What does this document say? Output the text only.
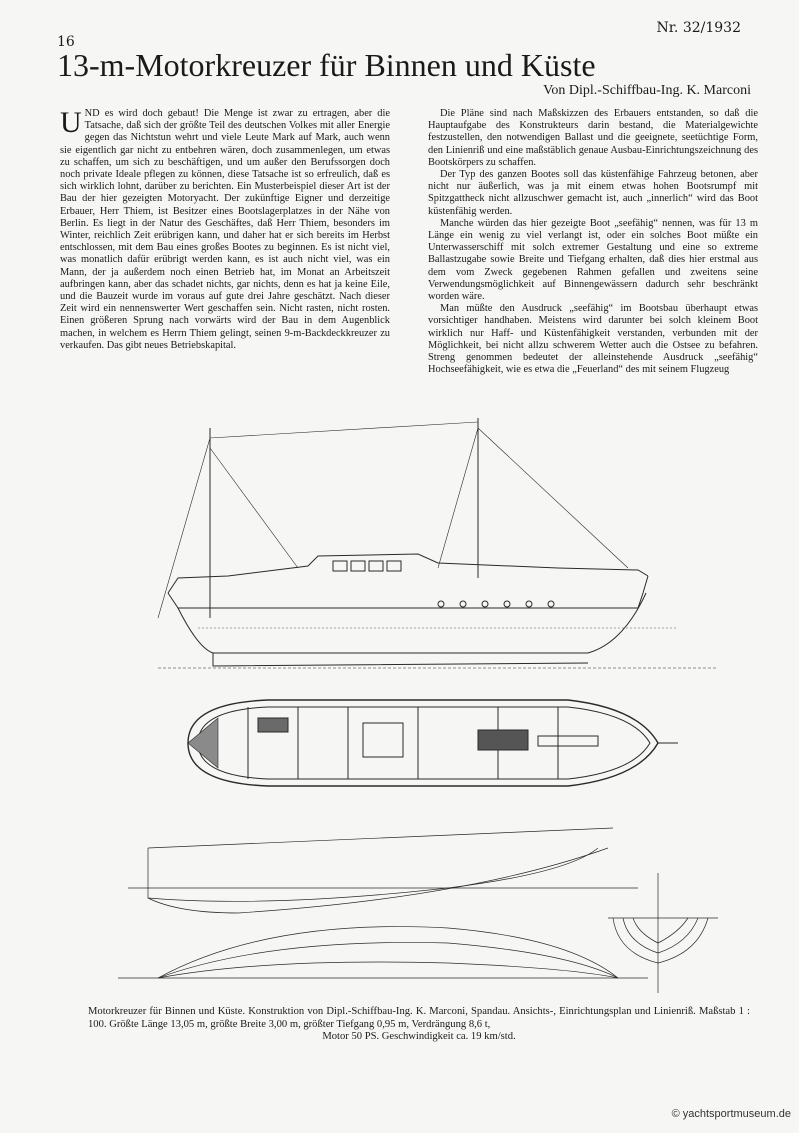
16
Nr. 32/1932
13-m-Motorkreuzer für Binnen und Küste
Von Dipl.-Schiffbau-Ing. K. Marconi

UND es wird doch gebaut! Die Menge ist zwar zu ertragen, aber die Tatsache, daß sich der größte Teil des deutschen Volkes mit aller Energie gegen das Nichtstun wehrt und viele Leute Mark auf Mark, auch wenn sie eigentlich gar nicht zu entbehren wären, doch zusammenlegen, um etwas zu schaffen, um sich zu beschäftigen, und um außer den Berufssorgen doch noch private Ideale pflegen zu können, diese Tatsache ist so erfreulich, daß es sich wirklich lohnt, darüber zu berichten. Ein Musterbeispiel dieser Art ist der Bau der hier gezeigten Motoryacht. Der zukünftige Eigner und derzeitige Erbauer, Herr Thiem, ist Besitzer eines Bootslagerplatzes in der Nähe von Berlin. Es liegt in der Natur des Geschäftes, daß Herr Thiem, besonders im Winter, reichlich Zeit erübrigen kann, und daher hat er sich bereits im Herbst entschlossen, mit dem Bau eines großes Bootes zu beginnen. Es ist nicht viel, was monatlich dafür erübrigt werden kann, es ist auch nicht viel, was ein Mann, der ja außerdem noch einen Betrieb hat, im Monat an Arbeitszeit aufbringen kann, aber das schadet nichts, gar nichts, denn es hat ja keine Eile, und die Bauzeit wurde im voraus auf gute drei Jahre geschätzt. Nach dieser Zeit wird ein nennenswerter Wert geschaffen sein. Nicht rasten, nicht rosten. Einen größeren Sprung nach vorwärts wird der Bau in dem Augenblick machen, in welchem es Herrn Thiem gelingt, seinen 9-m-Backdeckkreuzer zu verkaufen. Das gibt neues Betriebskapital.

Die Pläne sind nach Maßskizzen des Erbauers entstanden, so daß die Hauptaufgabe des Konstrukteurs darin bestand, die Materialgewichte festzustellen, den notwendigen Ballast und die geeignete, seetüchtige Form, den Linienriß und eine maßstäblich genaue Ausbau-Einrichtungszeichnung des Bootskörpers zu schaffen.

Der Typ des ganzen Bootes soll das küstenfähige Fahrzeug betonen, aber nicht nur äußerlich, was ja mit einem etwas hohen Bootsrumpf mit Spitzgattheck nicht allzuschwer gemacht ist, auch „innerlich“ wird das Boot küstenfähig werden.

Manche würden das hier gezeigte Boot „seefähig“ nennen, was für 13 m Länge ein wenig zu viel verlangt ist, oder ein solches Boot müßte ein Unterwasserschiff mit solch extremer Gestaltung und eine so extreme Ballastzugabe sowie Breite und Tiefgang erhalten, daß dies hier erstmal aus dem vom Zweck gegebenen Rahmen gefallen und zweitens seine Verwendungsmöglichkeit auf Binnengewässern dadurch sehr beschränkt worden wäre.

Man müßte den Ausdruck „seefähig“ im Bootsbau überhaupt etwas vorsichtiger handhaben. Meistens wird darunter bei solch kleinem Boot wirklich nur Haff- und Küstenfähigkeit verstanden, verbunden mit der Möglichkeit, bei nicht allzu schwerem Wetter auch die Ostsee zu befahren. Streng genommen bedeutet der alleinstehende Ausdruck „seefähig“ Hochseefähigkeit, wie es etwa die „Feuerland“ des mit seinem Flugzeug

Motorkreuzer für Binnen und Küste. Konstruktion von Dipl.-Schiffbau-Ing. K. Marconi, Spandau. Ansichts-, Einrichtungsplan und Linienriß. Maßstab 1 : 100. Größte Länge 13,05 m, größte Breite 3,00 m, größter Tiefgang 0,95 m, Verdrängung 8,6 t,
Motor 50 PS. Geschwindigkeit ca. 19 km/std.
© yachtsportmuseum.de
